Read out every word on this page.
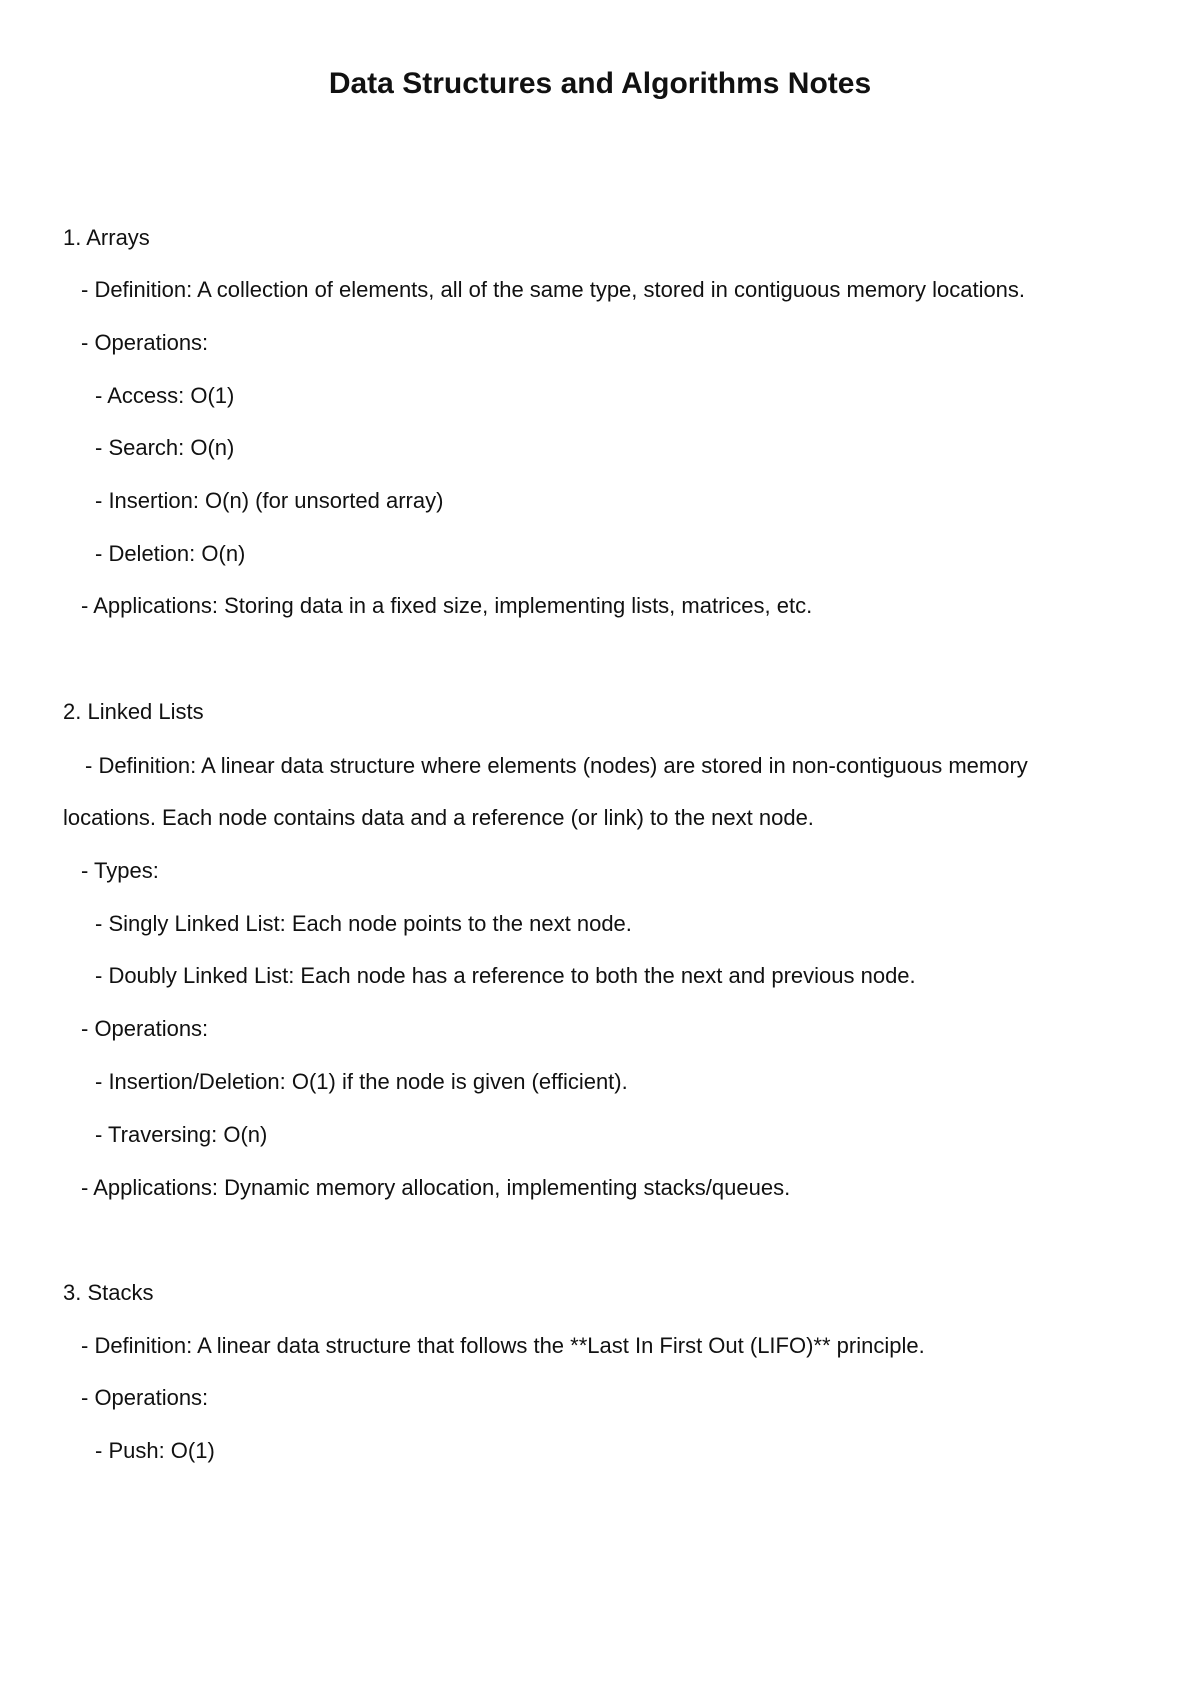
Data Structures and Algorithms Notes

1. Arrays

- Definition: A collection of elements, all of the same type, stored in contiguous memory locations.

- Operations:

- Access: O(1)

- Search: O(n)

- Insertion: O(n) (for unsorted array)

- Deletion: O(n)

- Applications: Storing data in a fixed size, implementing lists, matrices, etc.

2. Linked Lists

- Definition: A linear data structure where elements (nodes) are stored in non-contiguous memory

locations. Each node contains data and a reference (or link) to the next node.

- Types:

- Singly Linked List: Each node points to the next node.

- Doubly Linked List: Each node has a reference to both the next and previous node.

- Operations:

- Insertion/Deletion: O(1) if the node is given (efficient).

- Traversing: O(n)

- Applications: Dynamic memory allocation, implementing stacks/queues.

3. Stacks

- Definition: A linear data structure that follows the **Last In First Out (LIFO)** principle.

- Operations:

- Push: O(1)
